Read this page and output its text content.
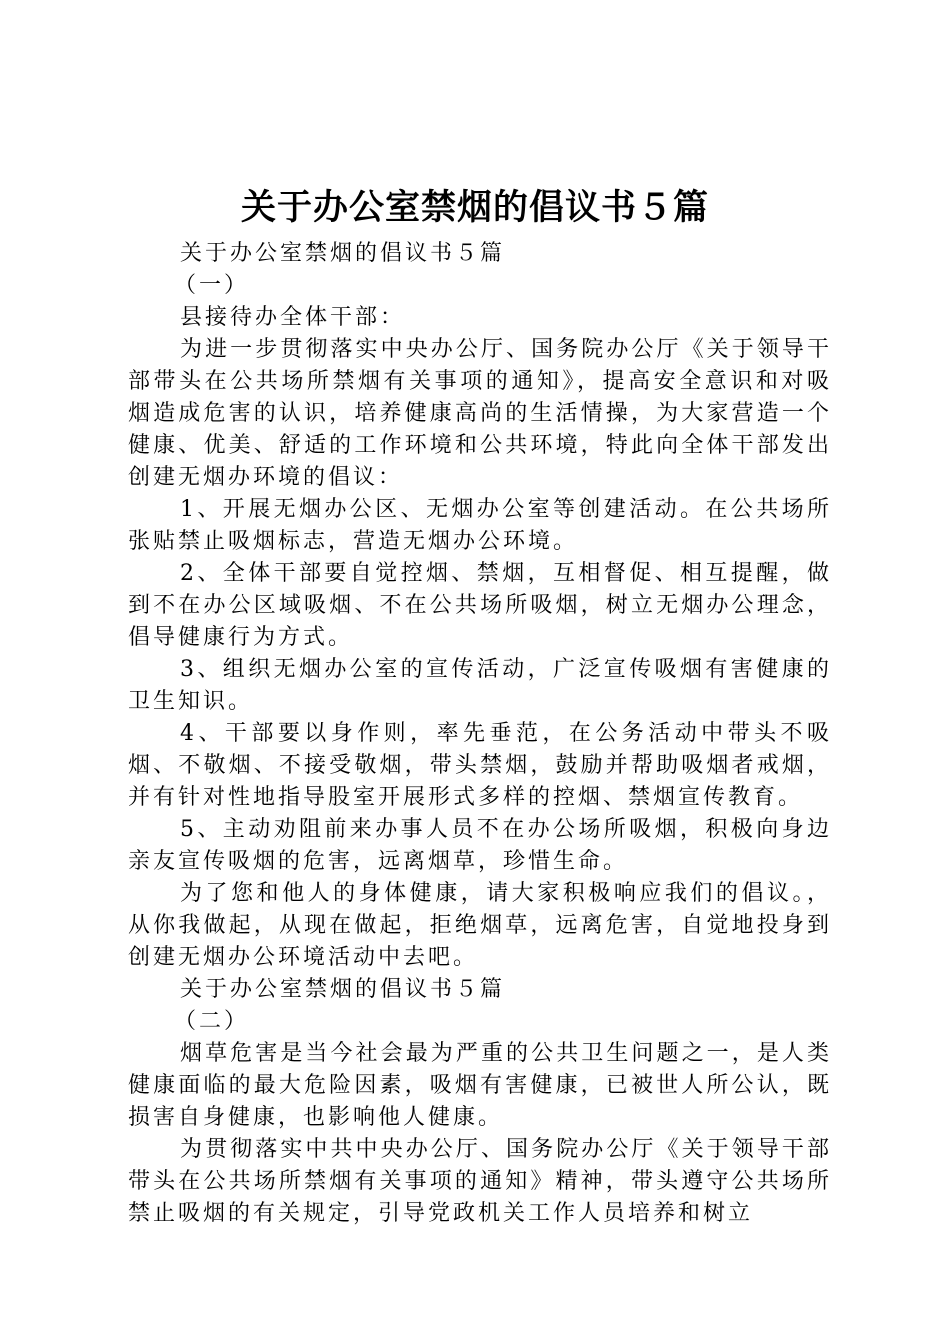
关于办公室禁烟的倡议书５篇

关于办公室禁烟的倡议书５篇

（一）

县接待办全体干部：

为进一步贯彻落实中央办公厅、国务院办公厅《关于领导干部带头在公共场所禁烟有关事项的通知》，提高安全意识和对吸烟造成危害的认识，培养健康高尚的生活情操，为大家营造一个健康、优美、舒适的工作环境和公共环境，特此向全体干部发出创建无烟办环境的倡议：

1、开展无烟办公区、无烟办公室等创建活动。在公共场所张贴禁止吸烟标志，营造无烟办公环境。

2、全体干部要自觉控烟、禁烟，互相督促、相互提醒，做到不在办公区域吸烟、不在公共场所吸烟，树立无烟办公理念，倡导健康行为方式。

3、组织无烟办公室的宣传活动，广泛宣传吸烟有害健康的卫生知识。

4、干部要以身作则，率先垂范，在公务活动中带头不吸烟、不敬烟、不接受敬烟，带头禁烟，鼓励并帮助吸烟者戒烟，并有针对性地指导股室开展形式多样的控烟、禁烟宣传教育。

5、主动劝阻前来办事人员不在办公场所吸烟，积极向身边亲友宣传吸烟的危害，远离烟草，珍惜生命。

为了您和他人的身体健康，请大家积极响应我们的倡议。，从你我做起，从现在做起，拒绝烟草，远离危害，自觉地投身到创建无烟办公环境活动中去吧。

关于办公室禁烟的倡议书５篇

（二）

烟草危害是当今社会最为严重的公共卫生问题之一，是人类健康面临的最大危险因素，吸烟有害健康，已被世人所公认，既损害自身健康，也影响他人健康。

为贯彻落实中共中央办公厅、国务院办公厅《关于领导干部带头在公共场所禁烟有关事项的通知》精神，带头遵守公共场所禁止吸烟的有关规定，引导党政机关工作人员培养和树立
